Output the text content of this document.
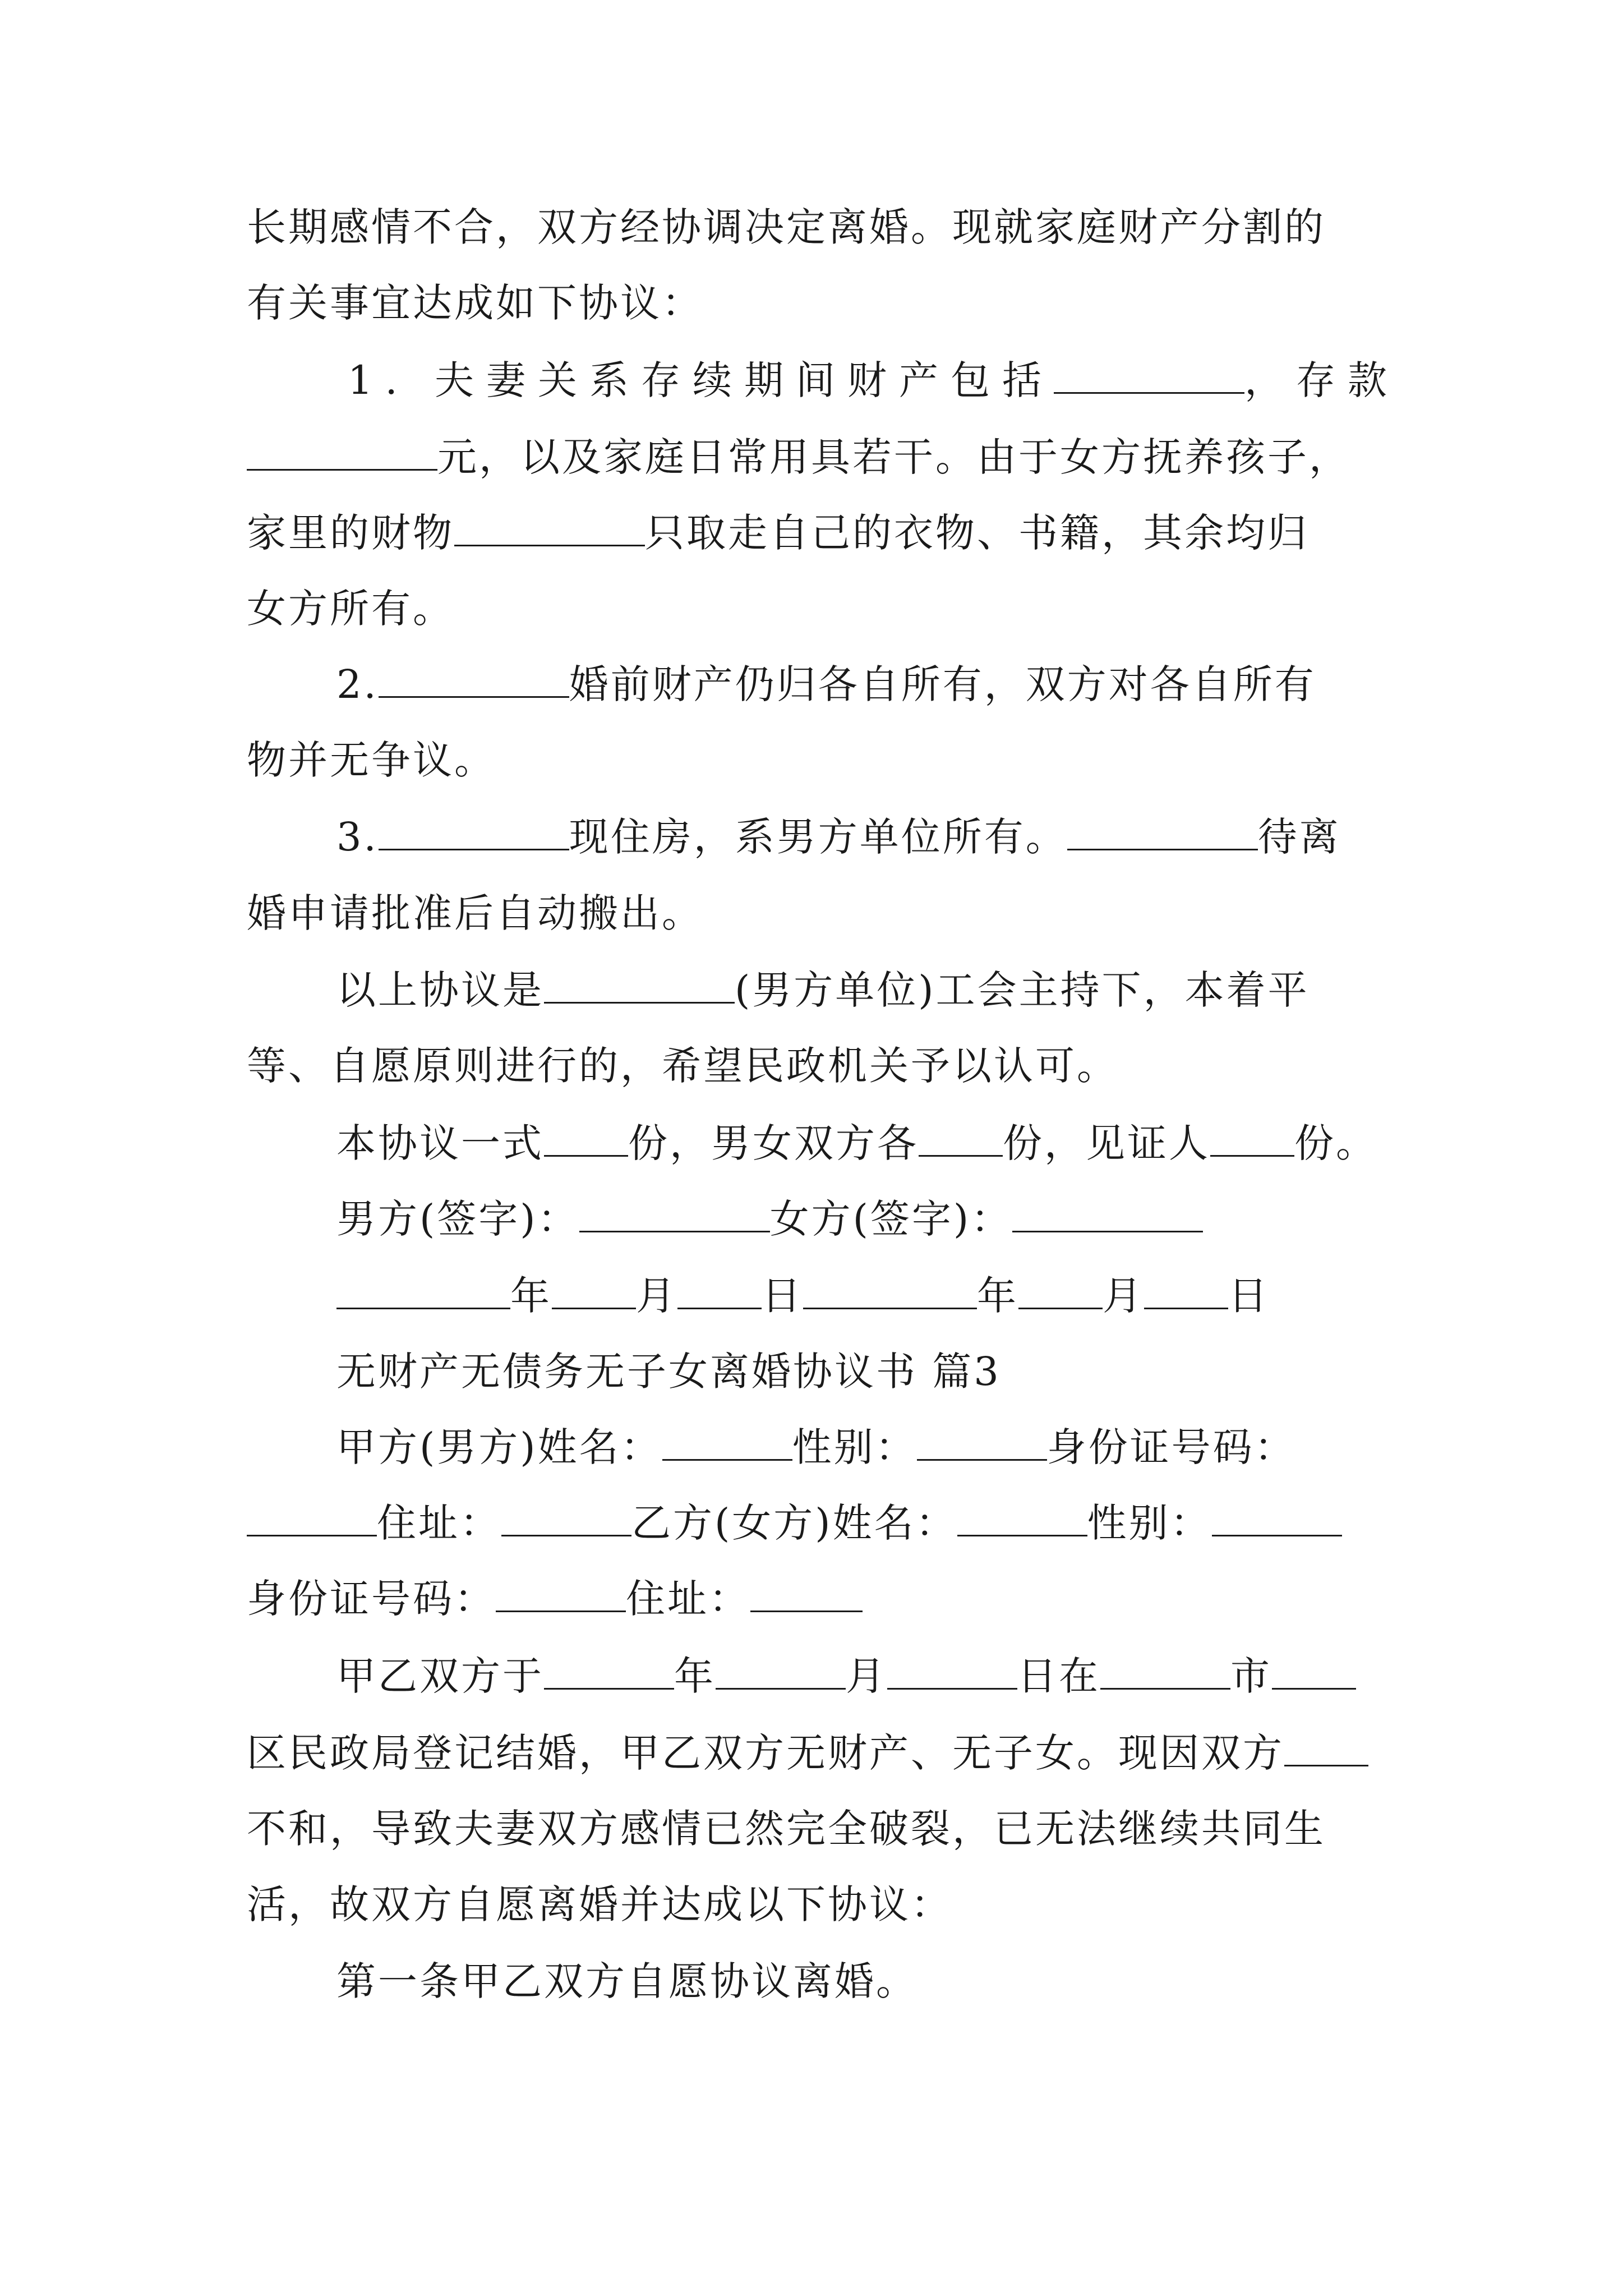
长期感情不合，双方经协调决定离婚。现就家庭财产分割的
有关事宜达成如下协议：
1. 夫妻关系存续期间财产包括	，存款
元，以及家庭日常用具若干。由于女方抚养孩子，
家里的财物	只取走自己的衣物、书籍，其余均归
女方所有。
2.	婚前财产仍归各自所有，双方对各自所有
物并无争议。
3.	现住房，系男方单位所有。	待离
婚申请批准后自动搬出。
以上协议是	(男方单位)工会主持下，本着平
等、自愿原则进行的，希望民政机关予以认可。
本协议一式 份，男女双方各 份，见证人 份。
男方(签字)：	女方(签字)：
年 月 日	年 月 日
无财产无债务无子女离婚协议书 篇3
甲方(男方)姓名：	性别：	身份证号码：
住址：	乙方(女方)姓名：	性别：
身份证号码：	住址：
甲乙双方于	年	月	日在	市
区民政局登记结婚，甲乙双方无财产、无子女。现因双方
不和，导致夫妻双方感情已然完全破裂，已无法继续共同生
活，故双方自愿离婚并达成以下协议：
第一条甲乙双方自愿协议离婚。
